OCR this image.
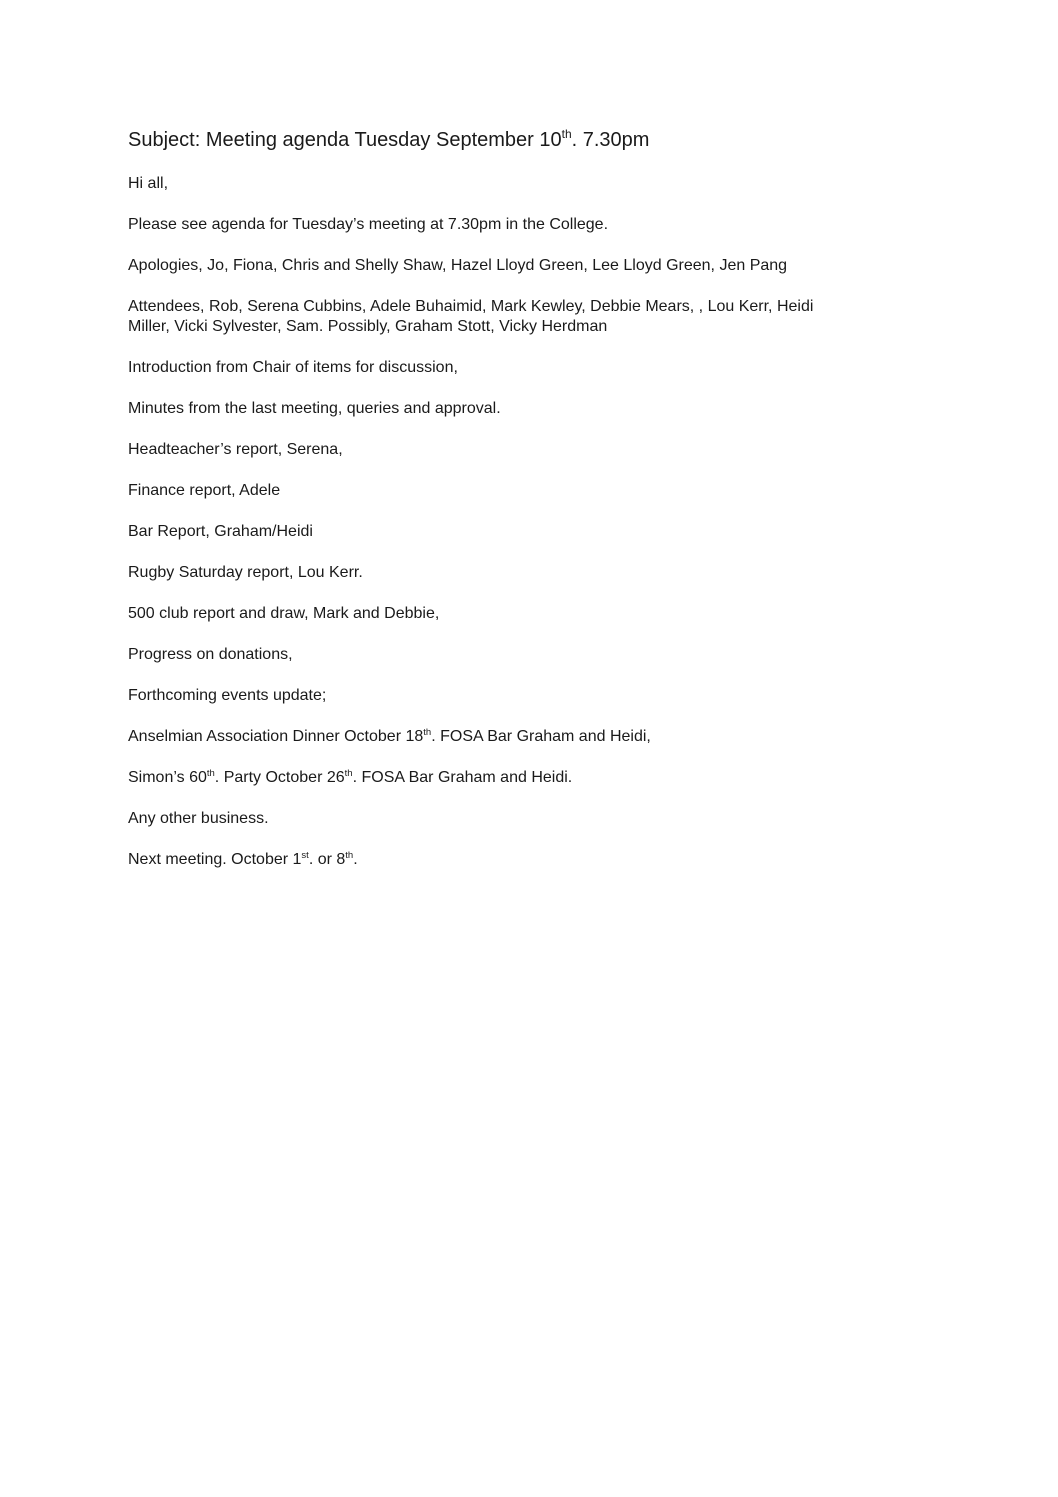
Subject: Meeting agenda Tuesday September 10th. 7.30pm
Hi all,
Please see agenda for Tuesday’s meeting at 7.30pm in the College.
Apologies, Jo, Fiona, Chris and Shelly Shaw, Hazel Lloyd Green, Lee Lloyd Green, Jen Pang
Attendees, Rob, Serena Cubbins, Adele Buhaimid, Mark Kewley, Debbie Mears, , Lou Kerr, Heidi
Miller, Vicki Sylvester, Sam. Possibly, Graham Stott, Vicky Herdman
Introduction from Chair of items for discussion,
Minutes from the last meeting, queries and approval.
Headteacher’s report, Serena,
Finance report, Adele
Bar Report, Graham/Heidi
Rugby Saturday report, Lou Kerr.
500 club report and draw, Mark and Debbie,
Progress on donations,
Forthcoming events update;
Anselmian Association Dinner October 18th. FOSA Bar Graham and Heidi,
Simon’s 60th. Party October 26th. FOSA Bar Graham and Heidi.
Any other business.
Next meeting. October 1st. or 8th.
